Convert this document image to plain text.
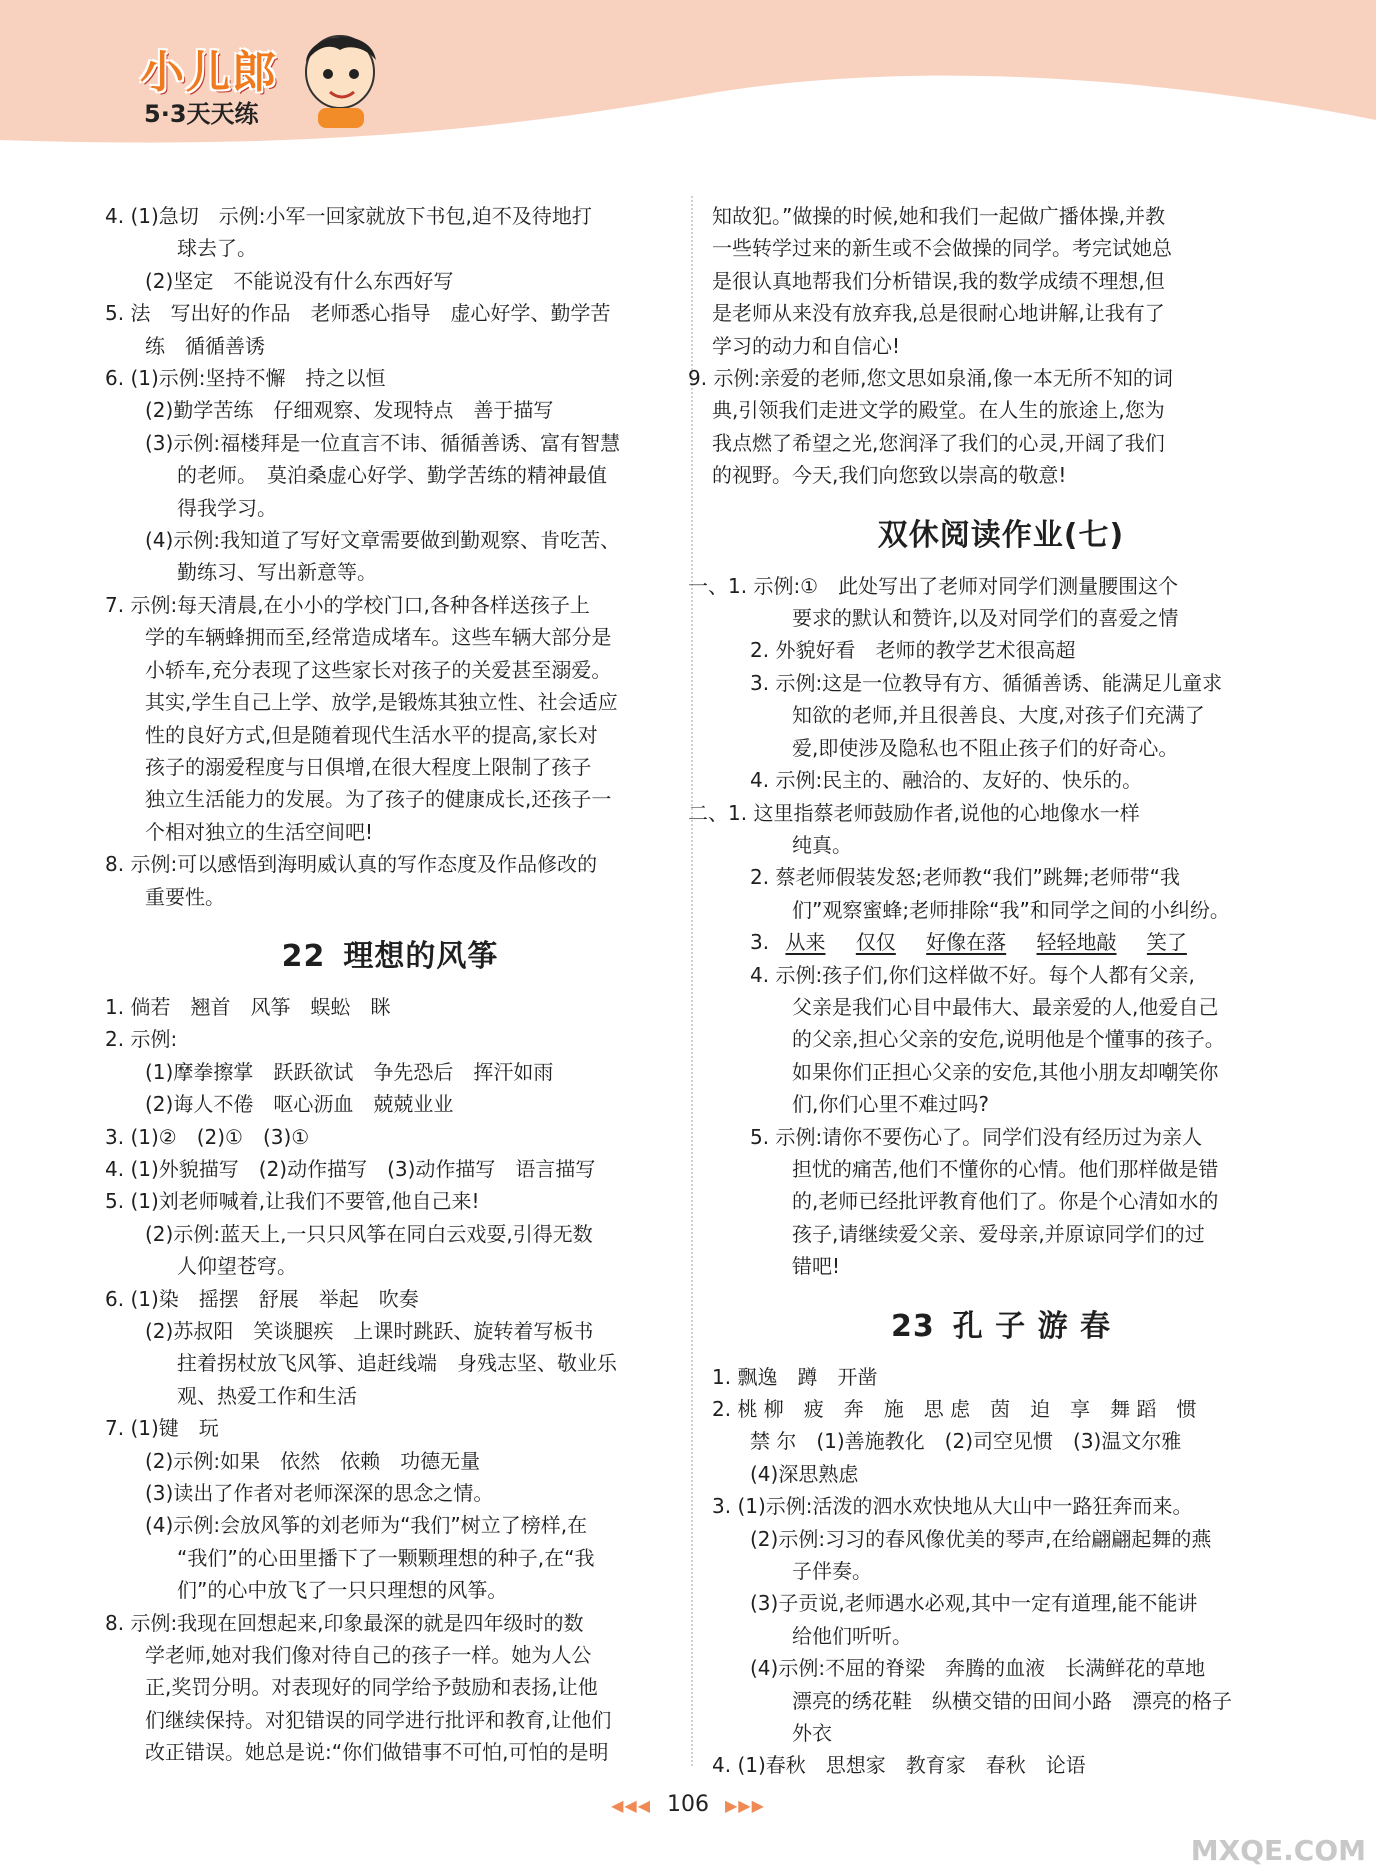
小儿郎
5·3天天练
4. (1)急切　示例:小军一回家就放下书包,迫不及待地打
球去了。
(2)坚定　不能说没有什么东西好写
5. 法　写出好的作品　老师悉心指导　虚心好学、勤学苦
练　循循善诱
6. (1)示例:坚持不懈　持之以恒
(2)勤学苦练　仔细观察、发现特点　善于描写
(3)示例:福楼拜是一位直言不讳、循循善诱、富有智慧
的老师。　莫泊桑虚心好学、勤学苦练的精神最值
得我学习。
(4)示例:我知道了写好文章需要做到勤观察、肯吃苦、
勤练习、写出新意等。
7. 示例:每天清晨,在小小的学校门口,各种各样送孩子上
学的车辆蜂拥而至,经常造成堵车。这些车辆大部分是
小轿车,充分表现了这些家长对孩子的关爱甚至溺爱。
其实,学生自己上学、放学,是锻炼其独立性、社会适应
性的良好方式,但是随着现代生活水平的提高,家长对
孩子的溺爱程度与日俱增,在很大程度上限制了孩子
独立生活能力的发展。为了孩子的健康成长,还孩子一
个相对独立的生活空间吧!
8. 示例:可以感悟到海明威认真的写作态度及作品修改的
重要性。
22 理想的风筝
1. 倘若　翘首　风筝　蜈蚣　眯
2. 示例:
(1)摩拳擦掌　跃跃欲试　争先恐后　挥汗如雨
(2)诲人不倦　呕心沥血　兢兢业业
3. (1)②　(2)①　(3)①
4. (1)外貌描写　(2)动作描写　(3)动作描写　语言描写
5. (1)刘老师喊着,让我们不要管,他自己来!
(2)示例:蓝天上,一只只风筝在同白云戏耍,引得无数
人仰望苍穹。
6. (1)染　摇摆　舒展　举起　吹奏
(2)苏叔阳　笑谈腿疾　上课时跳跃、旋转着写板书
拄着拐杖放飞风筝、追赶线端　身残志坚、敬业乐
观、热爱工作和生活
7. (1)键　玩
(2)示例:如果　依然　依赖　功德无量
(3)读出了作者对老师深深的思念之情。
(4)示例:会放风筝的刘老师为“我们”树立了榜样,在
“我们”的心田里播下了一颗颗理想的种子,在“我
们”的心中放飞了一只只理想的风筝。
8. 示例:我现在回想起来,印象最深的就是四年级时的数
学老师,她对我们像对待自己的孩子一样。她为人公
正,奖罚分明。对表现好的同学给予鼓励和表扬,让他
们继续保持。对犯错误的同学进行批评和教育,让他们
改正错误。她总是说:“你们做错事不可怕,可怕的是明
知故犯。”做操的时候,她和我们一起做广播体操,并教
一些转学过来的新生或不会做操的同学。考完试她总
是很认真地帮我们分析错误,我的数学成绩不理想,但
是老师从来没有放弃我,总是很耐心地讲解,让我有了
学习的动力和自信心!
9. 示例:亲爱的老师,您文思如泉涌,像一本无所不知的词
典,引领我们走进文学的殿堂。在人生的旅途上,您为
我点燃了希望之光,您润泽了我们的心灵,开阔了我们
的视野。今天,我们向您致以崇高的敬意!
双休阅读作业(七)
一、1. 示例:①　此处写出了老师对同学们测量腰围这个
要求的默认和赞许,以及对同学们的喜爱之情
2. 外貌好看　老师的教学艺术很高超
3. 示例:这是一位教导有方、循循善诱、能满足儿童求
知欲的老师,并且很善良、大度,对孩子们充满了
爱,即使涉及隐私也不阻止孩子们的好奇心。
4. 示例:民主的、融洽的、友好的、快乐的。
二、1. 这里指蔡老师鼓励作者,说他的心地像水一样
纯真。
2. 蔡老师假装发怒;老师教“我们”跳舞;老师带“我
们”观察蜜蜂;老师排除“我”和同学之间的小纠纷。
3. 从来 仅仅 好像在落 轻轻地敲 笑了
4. 示例:孩子们,你们这样做不好。每个人都有父亲,
父亲是我们心目中最伟大、最亲爱的人,他爱自己
的父亲,担心父亲的安危,说明他是个懂事的孩子。
如果你们正担心父亲的安危,其他小朋友却嘲笑你
们,你们心里不难过吗?
5. 示例:请你不要伤心了。同学们没有经历过为亲人
担忧的痛苦,他们不懂你的心情。他们那样做是错
的,老师已经批评教育他们了。你是个心清如水的
孩子,请继续爱父亲、爱母亲,并原谅同学们的过
错吧!
23 孔 子 游 春
1. 飘逸　蹲　开凿
2. 桃 柳　疲　奔　施　思 虑　茵　迫　享　舞 蹈　惯
禁 尔　(1)善施教化　(2)司空见惯　(3)温文尔雅
(4)深思熟虑
3. (1)示例:活泼的泗水欢快地从大山中一路狂奔而来。
(2)示例:习习的春风像优美的琴声,在给翩翩起舞的燕
子伴奏。
(3)子贡说,老师遇水必观,其中一定有道理,能不能讲
给他们听听。
(4)示例:不屈的脊梁　奔腾的血液　长满鲜花的草地
漂亮的绣花鞋　纵横交错的田间小路　漂亮的格子
外衣
4. (1)春秋　思想家　教育家　春秋　论语
◀◀◀ 106 ▶▶▶
MXQE.COM
